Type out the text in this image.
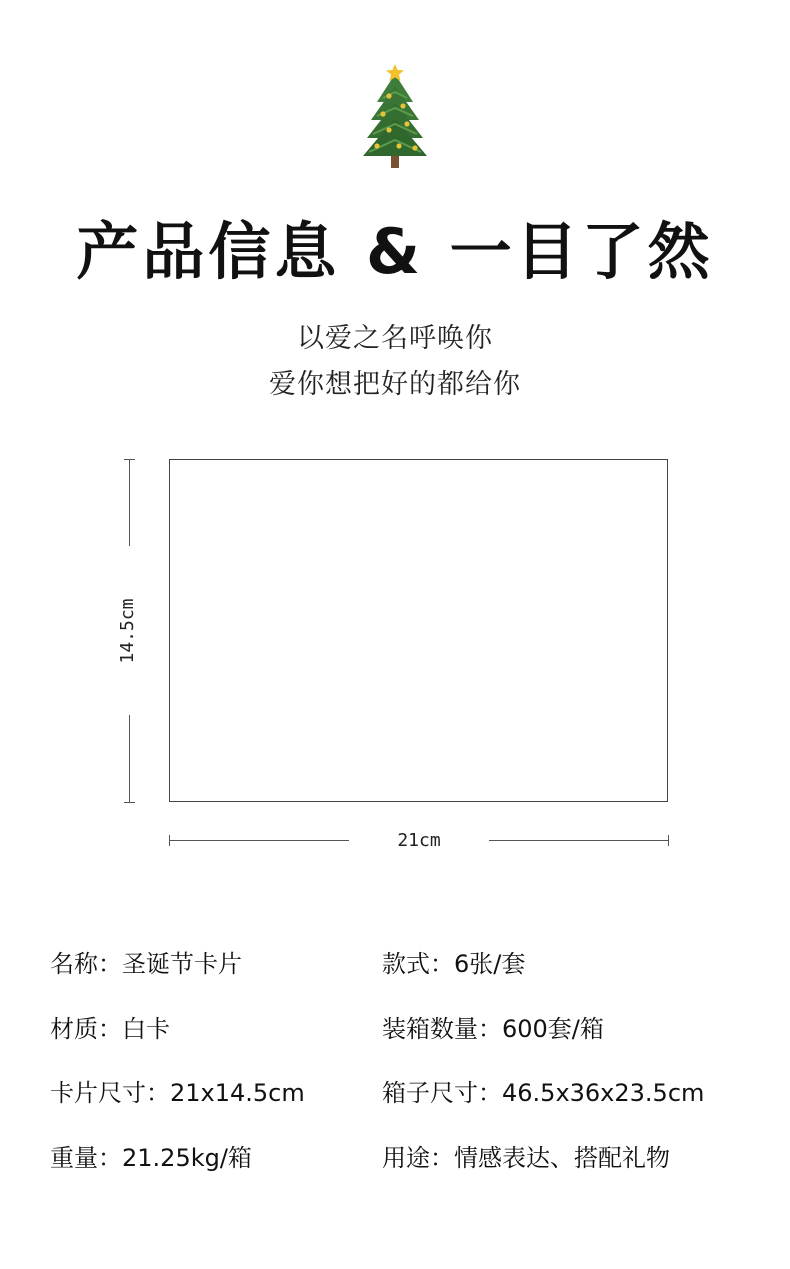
产品信息 & 一目了然
以爱之名呼唤你
爱你想把好的都给你
14.5cm
21cm
名称：圣诞节卡片	款式：6张/套
材质：白卡	装箱数量：600套/箱
卡片尺寸：21x14.5cm	箱子尺寸：46.5x36x23.5cm
重量：21.25kg/箱	用途：情感表达、搭配礼物
